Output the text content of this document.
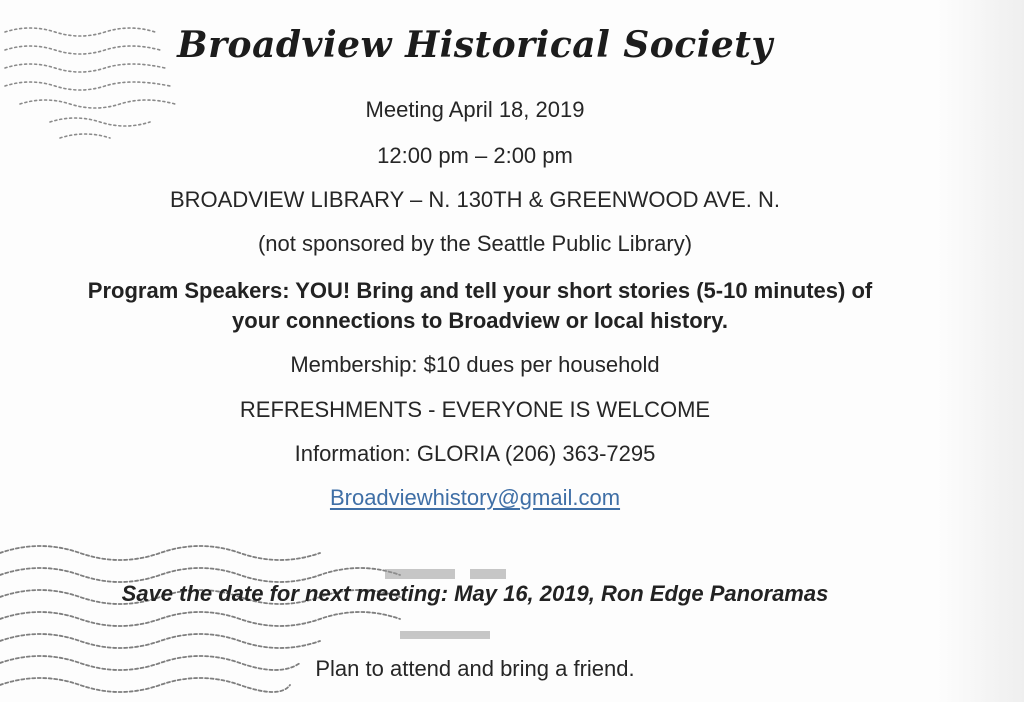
Broadview Historical Society

Meeting April 18, 2019

12:00 pm – 2:00 pm

BROADVIEW LIBRARY – N. 130TH & GREENWOOD AVE. N.

(not sponsored by the Seattle Public Library)

Program Speakers: YOU! Bring and tell your short stories (5-10 minutes) of your connections to Broadview or local history.

Membership: $10 dues per household

REFRESHMENTS - EVERYONE IS WELCOME

Information: GLORIA (206) 363-7295

Broadviewhistory@gmail.com

Save the date for next meeting: May 16, 2019, Ron Edge Panoramas

Plan to attend and bring a friend.
